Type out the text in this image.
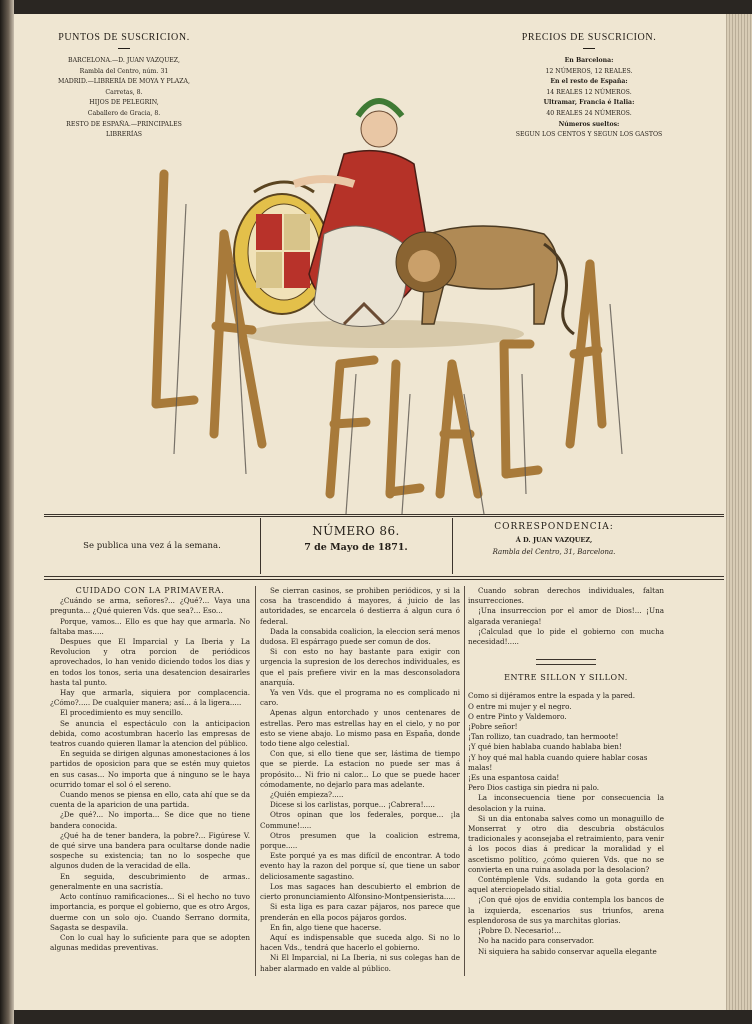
PUNTOS DE SUSCRICION.
BARCELONA.—D. JUAN VAZQUEZ,
Rambla del Centro, núm. 31
MADRID.—LIBRERÍA DE MOYA Y PLAZA,
Carretas, 8.
HIJOS DE PELEGRIN,
Caballero de Gracia, 8.
RESTO DE ESPAÑA.—PRINCIPALES
LIBRERÍAS
PRECIOS DE SUSCRICION.
En Barcelona:
12 NÚMEROS, 12 REALES.
En el resto de España:
14 REALES 12 NÚMEROS.
Ultramar, Francia é Italia:
40 REALES 24 NÚMEROS.
Números sueltos:
SEGUN LOS CENTOS Y SEGUN LOS GASTOS
Se publica una vez á la semana.
NÚMERO 86.
7 de Mayo de 1871.
CORRESPONDENCIA:
Á D. JUAN VAZQUEZ,
Rambla del Centro, 31, Barcelona.

CUIDADO CON LA PRIMAVERA.

¿Cuándo se arma, señores?... ¿Qué?... Vaya una pregunta... ¿Qué quieren Vds. que sea?... Eso...

Porque, vamos... Ello es que hay que armarla. No faltaba mas.....

Despues que El Imparcial y La Iberia y La Revolucion y otra porcion de periódicos aprovechados, lo han venido diciendo todos los dias y en todos los tonos, seria una desatencion desairarles hasta tal punto.

Hay que armarla, siquiera por complacencia. ¿Cómo?..... De cualquier manera; así... á la ligera.....

El procedimiento es muy sencillo.

Se anuncia el espectáculo con la anticipacion debida, como acostumbran hacerlo las empresas de teatros cuando quieren llamar la atencion del público.

En seguida se dirigen algunas amonestaciones á los partidos de oposicion para que se estén muy quietos en sus casas... No importa que á ninguno se le haya ocurrido tomar el sol ó el sereno.

Cuando menos se piensa en ello, cata ahí que se da cuenta de la aparicion de una partida.

¿De qué?... No importa... Se dice que no tiene bandera conocida.

¿Qué ha de tener bandera, la pobre?... Figúrese V. de qué sirve una bandera para ocultarse donde nadie sospeche su existencia; tan no lo sospeche que algunos duden de la veracidad de ella.

En seguida, descubrimiento de armas.. generalmente en una sacristía.

Acto contínuo ramificaciones... Si el hecho no tuvo importancia, es porque el gobierno, que es otro Argos, duerme con un solo ojo. Cuando Serrano dormita, Sagasta se despavila.

Con lo cual hay lo suficiente para que se adopten algunas medidas preventivas.

Se cierran casinos, se prohiben periódicos, y si la cosa ha trascendido á mayores, á juicio de las autoridades, se encarcela ó destierra á algun cura ó federal.

Dada la consabida coalicion, la eleccion será menos dudosa. El espárrago puede ser comun de dos.

Si con esto no hay bastante para exigir con urgencia la supresion de los derechos individuales, es que el país prefiere vivir en la mas desconsoladora anarquía.

Ya ven Vds. que el programa no es complicado ni caro.

Apenas algun entorchado y unos centenares de estrellas. Pero mas estrellas hay en el cielo, y no por esto se viene abajo. Lo mismo pasa en España, donde todo tiene algo celestial.

Con que, si ello tiene que ser, lástima de tiempo que se pierde. La estacion no puede ser mas á propósito... Ni frio ni calor... Lo que se puede hacer cómodamente, no dejarlo para mas adelante.

¿Quién empieza?.....

Dicese si los carlistas, porque... ¡Cabrera!.....

Otros opinan que los federales, porque... ¡la Commune!.....

Otros presumen que la coalicion estrema, porque.....

Este porqué ya es mas difícil de encontrar. A todo evento hay la razon del porque sí, que tiene un sabor deliciosamente sagastino.

Los mas sagaces han descubierto el embrion de cierto pronunciamiento Alfonsino-Montpensierista.....

Si esta liga es para cazar pájaros, nos parece que prenderán en ella pocos pájaros gordos.

En fin, algo tiene que hacerse.

Aquí es indispensable que suceda algo. Si no lo hacen Vds., tendrá que hacerlo el gobierno.

Ni El Imparcial, ni La Iberia, ni sus colegas han de haber alarmado en valde al público.

Cuando sobran derechos individuales, faltan insurrecciones.

¡Una insurreccion por el amor de Dios!... ¡Una algarada veraniega!

¡Calculad que lo pide el gobierno con mucha necesidad!.....

ENTRE SILLON Y SILLON.

Como si dijéramos entre la espada y la pared.

O entre mi mujer y el negro.

O entre Pinto y Valdemoro.

¡Pobre señor!

¡Tan rollizo, tan cuadrado, tan hermoote!

¡Y qué bien hablaba cuando hablaba bien!

¡Y hoy qué mal habla cuando quiere hablar cosas malas!

¡Es una espantosa caida!

Pero Dios castiga sin piedra ni palo.

La inconsecuencia tiene por consecuencia la desolacion y la ruina.

Si un dia entonaba salves como un monaguillo de Monserrat y otro dia descubria obstáculos tradicionales y aconsejaba el retraimiento, para venir á los pocos dias á predicar la moralidad y el ascetismo político, ¿cómo quieren Vds. que no se convierta en una ruina asolada por la desolacion?

Contémplenle Vds. sudando la gota gorda en aquel aterciopelado sitial.

¡Con qué ojos de envidia contempla los bancos de la izquierda, escenarios sus triunfos, arena esplendorosa de sus ya marchitas glorias.

¡Pobre D. Necesario!...

No ha nacido para conservador.

Ni siquiera ha sabido conservar aquella elegante
